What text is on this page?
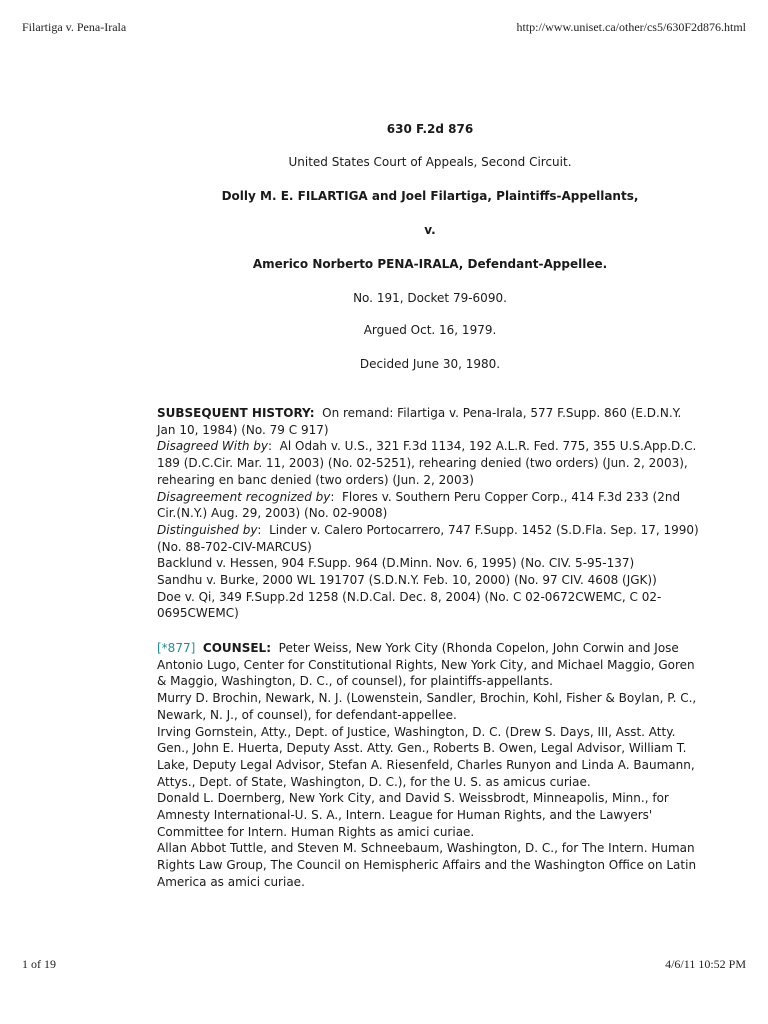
Filartiga v. Pena-Irala	http://www.uniset.ca/other/cs5/630F2d876.html

630 F.2d 876

United States Court of Appeals, Second Circuit.

Dolly M. E. FILARTIGA and Joel Filartiga, Plaintiffs-Appellants,

v.

Americo Norberto PENA-IRALA, Defendant-Appellee.

No. 191, Docket 79-6090.

Argued Oct. 16, 1979.

Decided June 30, 1980.

SUBSEQUENT HISTORY: On remand: Filartiga v. Pena-Irala, 577 F.Supp. 860 (E.D.N.Y. Jan 10, 1984) (No. 79 C 917)

Disagreed With by:  Al Odah v. U.S., 321 F.3d 1134, 192 A.L.R. Fed. 775, 355 U.S.App.D.C. 189 (D.C.Cir. Mar. 11, 2003) (No. 02-5251), rehearing denied (two orders) (Jun. 2, 2003), rehearing en banc denied (two orders) (Jun. 2, 2003)

Disagreement recognized by:  Flores v. Southern Peru Copper Corp., 414 F.3d 233 (2nd Cir.(N.Y.) Aug. 29, 2003) (No. 02-9008)

Distinguished by:  Linder v. Calero Portocarrero, 747 F.Supp. 1452 (S.D.Fla. Sep. 17, 1990) (No. 88-702-CIV-MARCUS)

Backlund v. Hessen, 904 F.Supp. 964 (D.Minn. Nov. 6, 1995) (No. CIV. 5-95-137)

Sandhu v. Burke, 2000 WL 191707 (S.D.N.Y. Feb. 10, 2000) (No. 97 CIV. 4608 (JGK))

Doe v. Qi, 349 F.Supp.2d 1258 (N.D.Cal. Dec. 8, 2004) (No. C 02-0672CWEMC, C 02-0695CWEMC)

[*877] COUNSEL: Peter Weiss, New York City (Rhonda Copelon, John Corwin and Jose Antonio Lugo, Center for Constitutional Rights, New York City, and Michael Maggio, Goren & Maggio, Washington, D. C., of counsel), for plaintiffs-appellants.

Murry D. Brochin, Newark, N. J. (Lowenstein, Sandler, Brochin, Kohl, Fisher & Boylan, P. C., Newark, N. J., of counsel), for defendant-appellee.

Irving Gornstein, Atty., Dept. of Justice, Washington, D. C. (Drew S. Days, III, Asst. Atty. Gen., John E. Huerta, Deputy Asst. Atty. Gen., Roberts B. Owen, Legal Advisor, William T. Lake, Deputy Legal Advisor, Stefan A. Riesenfeld, Charles Runyon and Linda A. Baumann, Attys., Dept. of State, Washington, D. C.), for the U. S. as amicus curiae.

Donald L. Doernberg, New York City, and David S. Weissbrodt, Minneapolis, Minn., for Amnesty International-U. S. A., Intern. League for Human Rights, and the Lawyers' Committee for Intern. Human Rights as amici curiae.

Allan Abbot Tuttle, and Steven M. Schneebaum, Washington, D. C., for The Intern. Human Rights Law Group, The Council on Hemispheric Affairs and the Washington Office on Latin America as amici curiae.

1 of 19	4/6/11 10:52 PM
